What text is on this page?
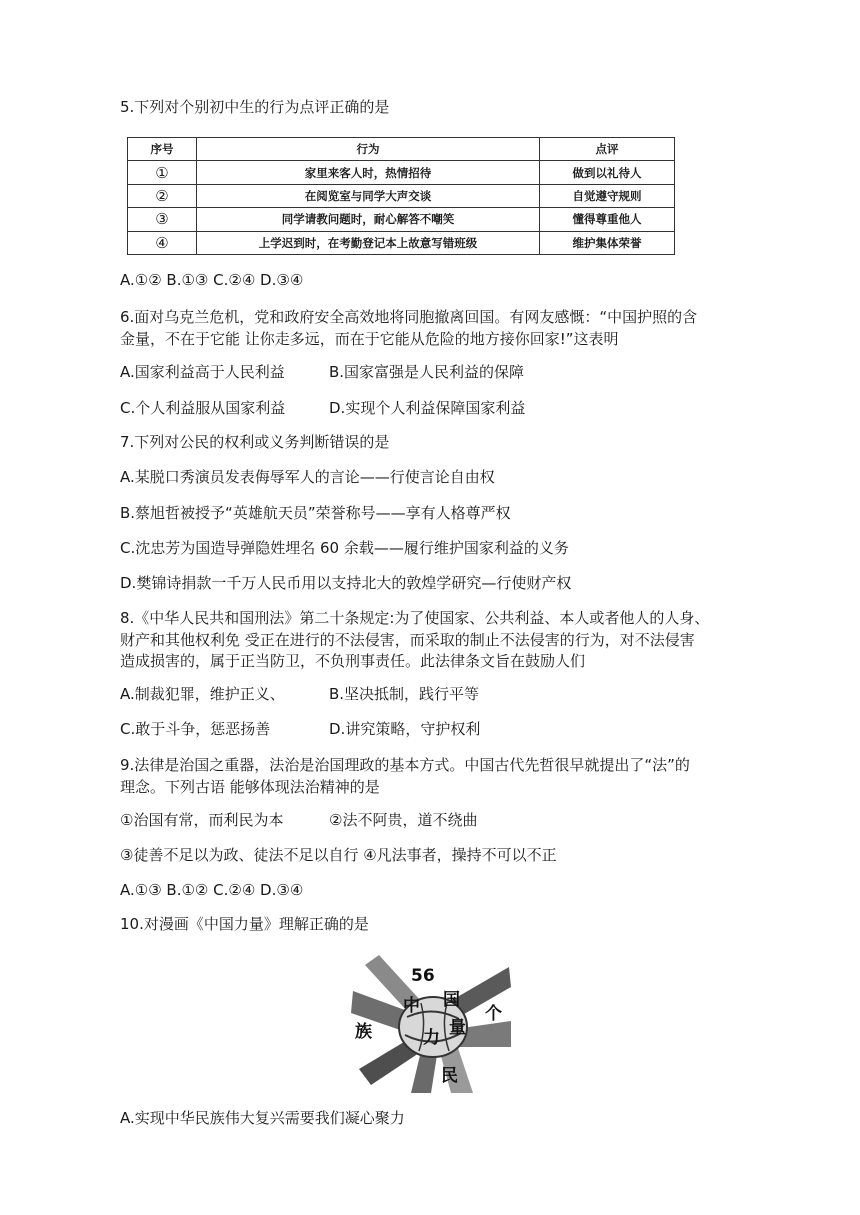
5.下列对个别初中生的行为点评正确的是
序号	行为	点评
①	家里来客人时，热情招待	做到以礼待人
②	在阅览室与同学大声交谈	自觉遵守规则
③	同学请教问题时，耐心解答不嘲笑	懂得尊重他人
④	上学迟到时，在考勤登记本上故意写错班级	维护集体荣誉
A.①② B.①③ C.②④ D.③④
6.面对乌克兰危机，党和政府安全高效地将同胞撤离回国。有网友感慨：“中国护照的含
金量，不在于它能 让你走多远，而在于它能从危险的地方接你回家!”这表明
A.国家利益高于人民利益	B.国家富强是人民利益的保障
C.个人利益服从国家利益	D.实现个人利益保障国家利益
7.下列对公民的权利或义务判断错误的是
A.某脱口秀演员发表侮辱军人的言论——行使言论自由权
B.蔡旭哲被授予“英雄航天员”荣誉称号——享有人格尊严权
C.沈忠芳为国造导弹隐姓埋名 60 余载——履行维护国家利益的义务
D.樊锦诗捐款一千万人民币用以支持北大的敦煌学研究—行使财产权
8.《中华人民共和国刑法》第二十条规定:为了使国家、公共利益、本人或者他人的人身、
财产和其他权利免 受正在进行的不法侵害，而采取的制止不法侵害的行为，对不法侵害
造成损害的，属于正当防卫，不负刑事责任。此法律条文旨在鼓励人们
A.制裁犯罪，维护正义、	B.坚决抵制，践行平等
C.敢于斗争，惩恶扬善	D.讲究策略，守护权利
9.法律是治国之重器，法治是治国理政的基本方式。中国古代先哲很早就提出了“法”的
理念。下列古语 能够体现法治精神的是
①治国有常，而利民为本	②法不阿贵，道不绕曲
③徒善不足以为政、徒法不足以自行 ④凡法事者，操持不可以不正
A.①③ B.①② C.②④ D.③④
10.对漫画《中国力量》理解正确的是
56
中 国
个
族	力 量
民
A.实现中华民族伟大复兴需要我们凝心聚力
